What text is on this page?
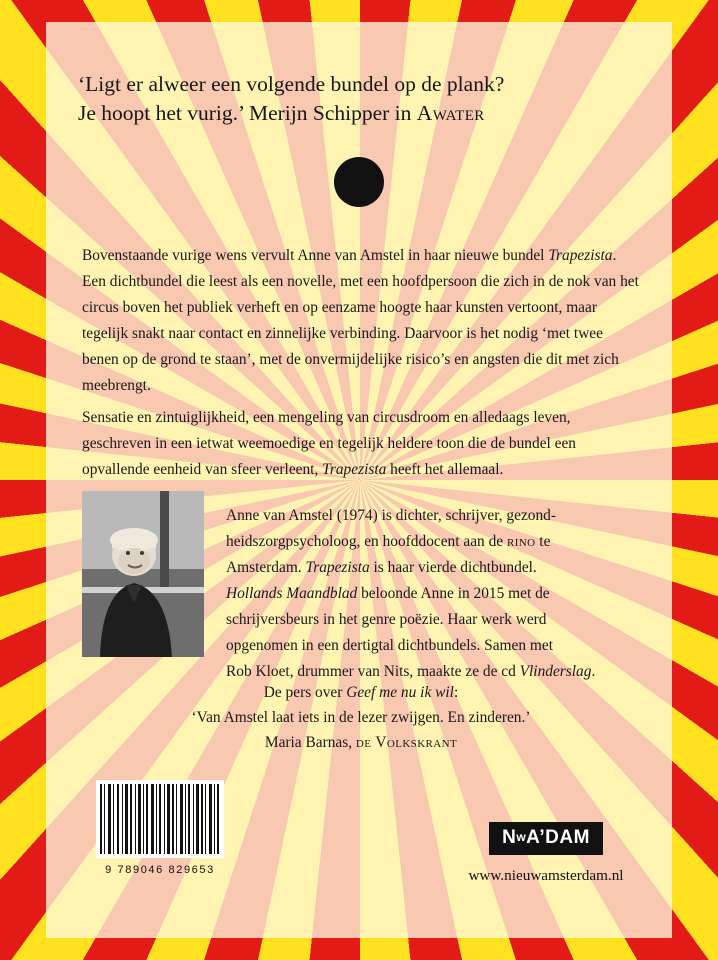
‘Ligt er alweer een volgende bundel op de plank?
Je hoopt het vurig.’ Merijn Schipper in Awater

Bovenstaande vurige wens vervult Anne van Amstel in haar nieuwe bundel Trapezista. Een dichtbundel die leest als een novelle, met een hoofdpersoon die zich in de nok van het circus boven het publiek verheft en op eenzame hoogte haar kunsten vertoont, maar tegelijk snakt naar contact en zinnelijke verbinding. Daarvoor is het nodig ‘met twee benen op de grond te staan’, met de onvermijdelijke risico’s en angsten die dit met zich meebrengt.

Sensatie en zintuiglijkheid, een mengeling van circusdroom en alledaags leven, geschreven in een ietwat weemoedige en tegelijk heldere toon die de bundel een opvallende eenheid van sfeer verleent, Trapezista heeft het allemaal.

Anne van Amstel (1974) is dichter, schrijver, gezond-
heidszorgpsycholoog, en hoofddocent aan de rino te
Amsterdam. Trapezista is haar vierde dichtbundel.
Hollands Maandblad beloonde Anne in 2015 met de
schrijversbeurs in het genre poëzie. Haar werk werd
opgenomen in een dertigtal dichtbundels. Samen met
Rob Kloet, drummer van Nits, maakte ze de cd Vlinderslag.

De pers over Geef me nu ik wil:
‘Van Amstel laat iets in de lezer zwijgen. En zinderen.’
Maria Barnas, de Volkskrant
9 789046 829653
NwA’DAM
www.nieuwamsterdam.nl
